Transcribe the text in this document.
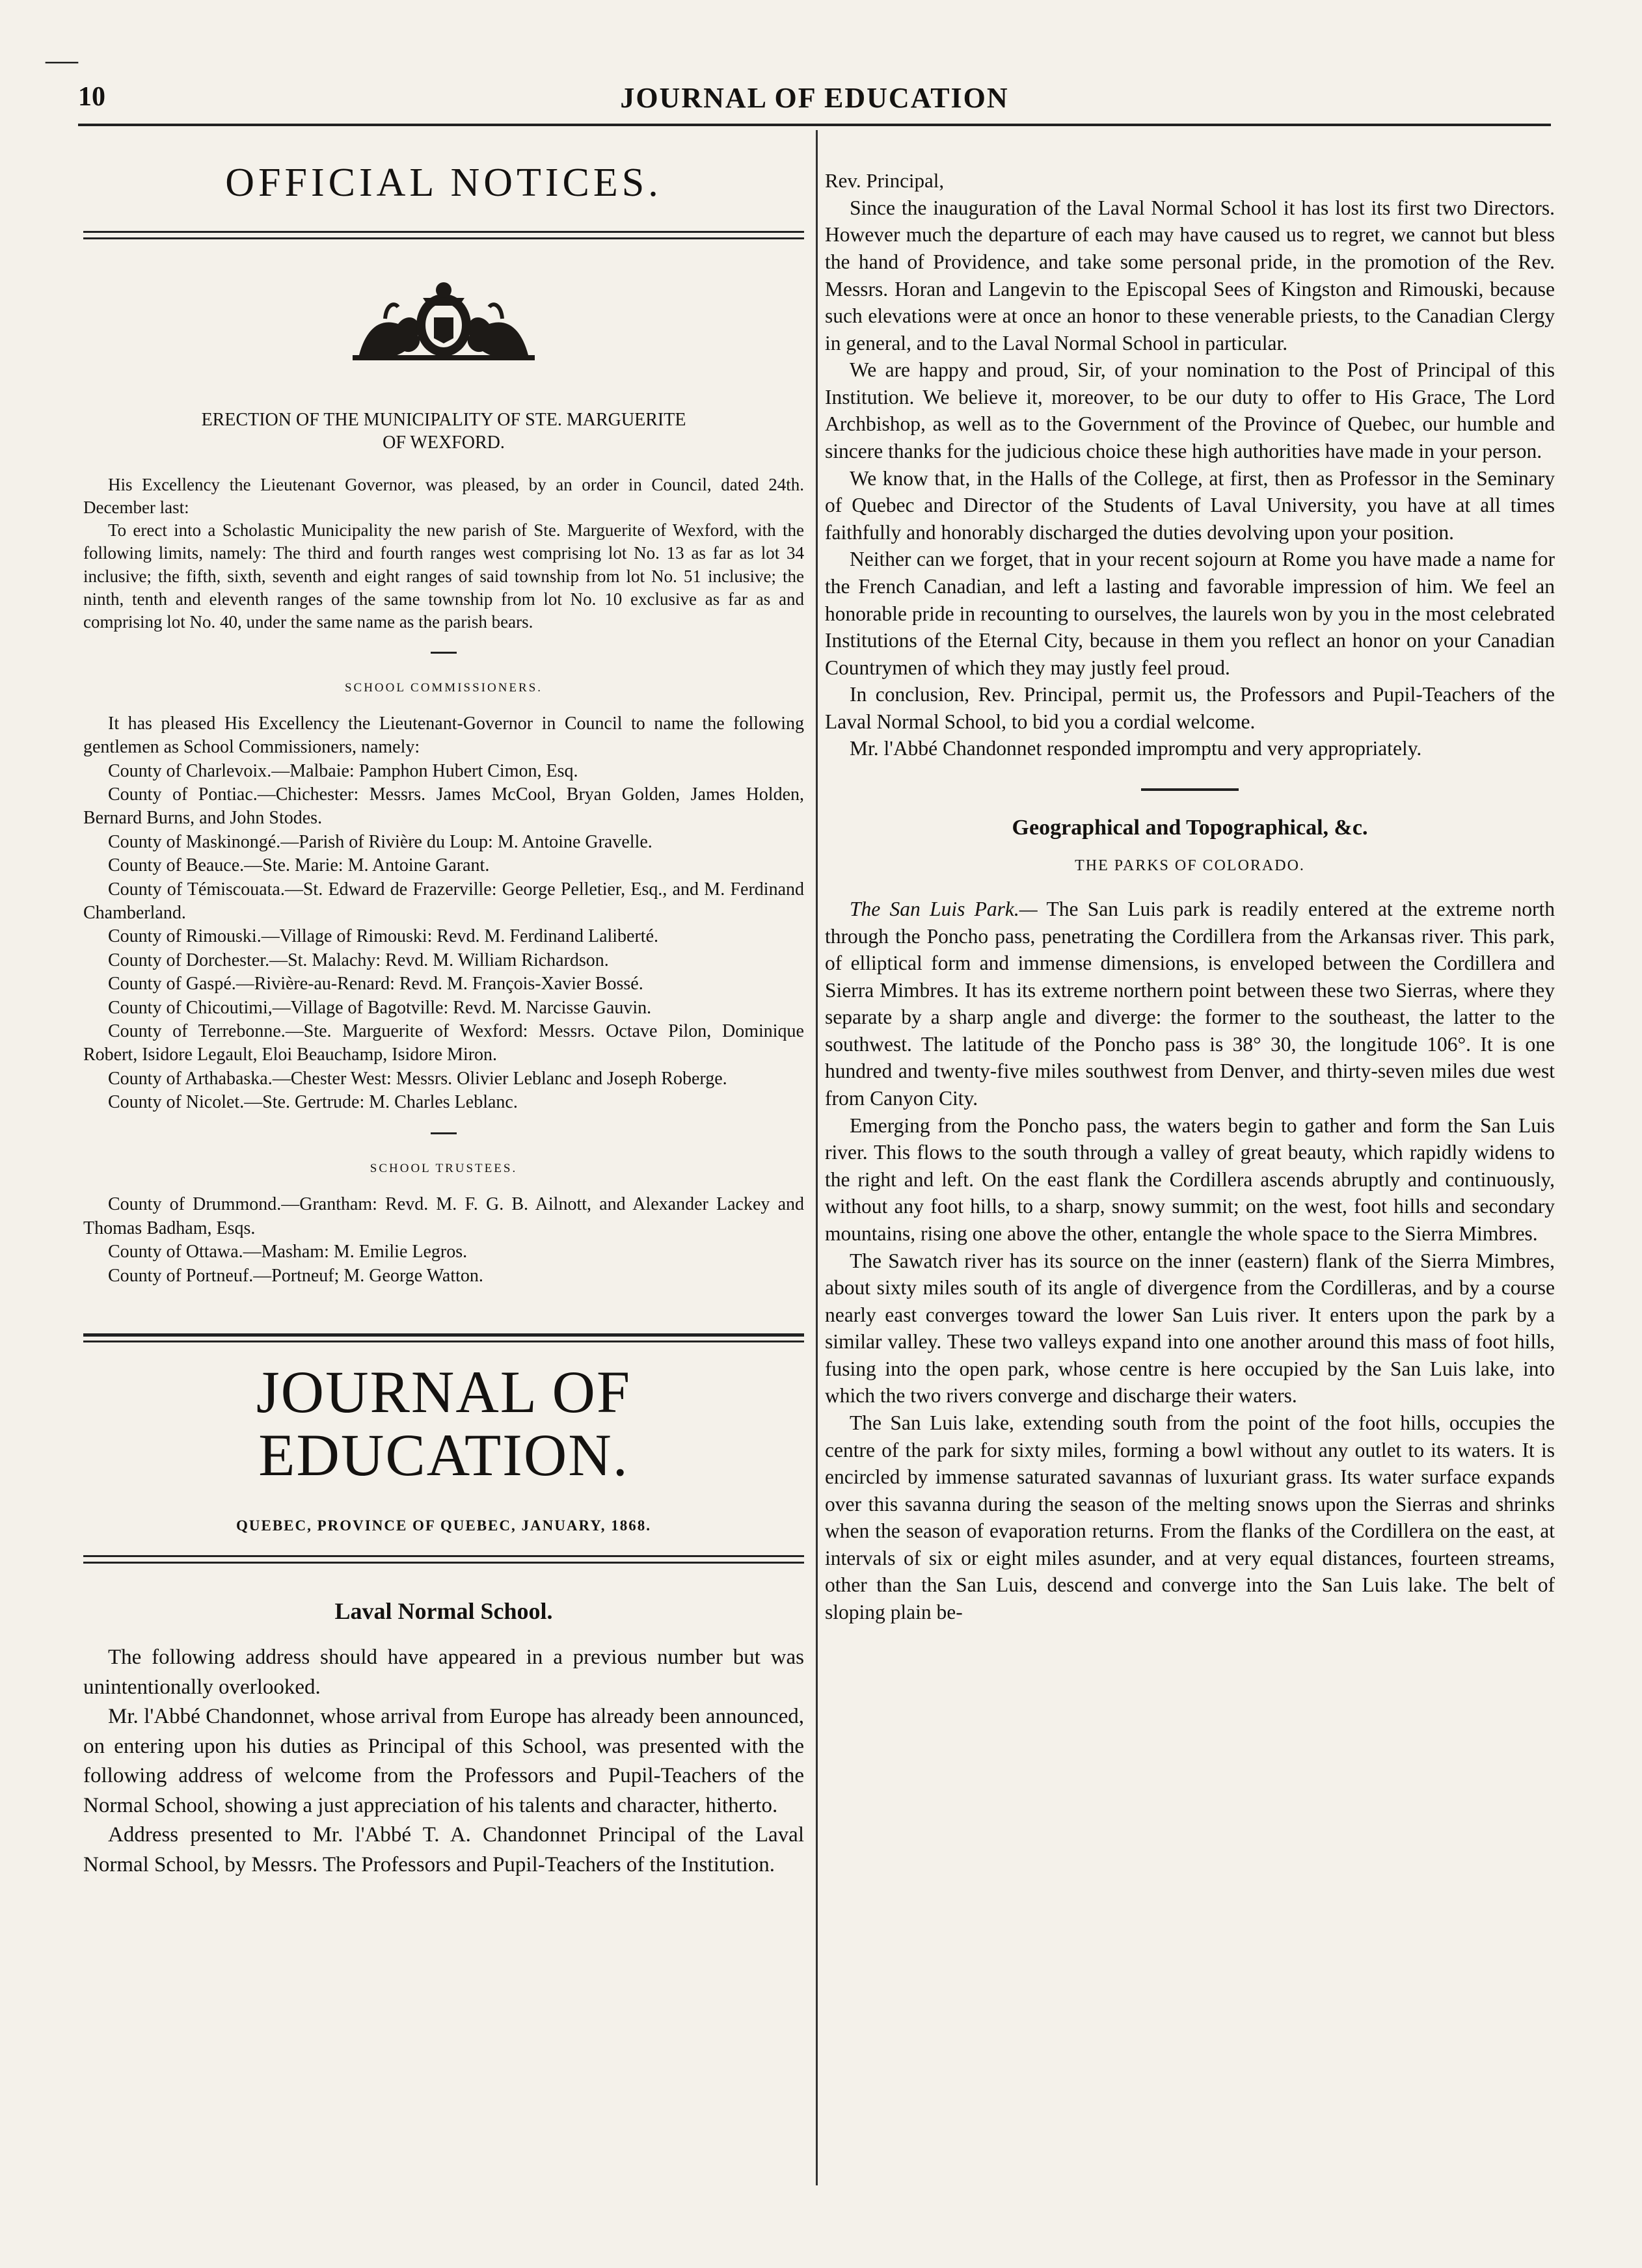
—
10	JOURNAL OF EDUCATION
OFFICIAL NOTICES.
ERECTION OF THE MUNICIPALITY OF STE. MARGUERITE
OF WEXFORD.

His Excellency the Lieutenant Governor, was pleased, by an order in Council, dated 24th. December last:

To erect into a Scholastic Municipality the new parish of Ste. Marguerite of Wexford, with the following limits, namely: The third and fourth ranges west comprising lot No. 13 as far as lot 34 inclusive; the fifth, sixth, seventh and eight ranges of said township from lot No. 51 inclusive; the ninth, tenth and eleventh ranges of the same township from lot No. 10 exclusive as far as and comprising lot No. 40, under the same name as the parish bears.

SCHOOL COMMISSIONERS.

It has pleased His Excellency the Lieutenant-Governor in Council to name the following gentlemen as School Commissioners, namely:

County of Charlevoix.—Malbaie: Pamphon Hubert Cimon, Esq.

County of Pontiac.—Chichester: Messrs. James McCool, Bryan Golden, James Holden, Bernard Burns, and John Stodes.

County of Maskinongé.—Parish of Rivière du Loup: M. Antoine Gravelle.

County of Beauce.—Ste. Marie: M. Antoine Garant.

County of Témiscouata.—St. Edward de Frazerville: George Pelletier, Esq., and M. Ferdinand Chamberland.

County of Rimouski.—Village of Rimouski: Revd. M. Ferdinand Laliberté.

County of Dorchester.—St. Malachy: Revd. M. William Richardson.

County of Gaspé.—Rivière-au-Renard: Revd. M. François-Xavier Bossé.

County of Chicoutimi,—Village of Bagotville: Revd. M. Narcisse Gauvin.

County of Terrebonne.—Ste. Marguerite of Wexford: Messrs. Octave Pilon, Dominique Robert, Isidore Legault, Eloi Beauchamp, Isidore Miron.

County of Arthabaska.—Chester West: Messrs. Olivier Leblanc and Joseph Roberge.

County of Nicolet.—Ste. Gertrude: M. Charles Leblanc.

SCHOOL TRUSTEES.

County of Drummond.—Grantham: Revd. M. F. G. B. Ailnott, and Alexander Lackey and Thomas Badham, Esqs.

County of Ottawa.—Masham: M. Emilie Legros.

County of Portneuf.—Portneuf; M. George Watton.

JOURNAL OF EDUCATION.
QUEBEC, PROVINCE OF QUEBEC, JANUARY, 1868.
Laval Normal School.

The following address should have appeared in a previous number but was unintentionally overlooked.

Mr. l'Abbé Chandonnet, whose arrival from Europe has already been announced, on entering upon his duties as Principal of this School, was presented with the following address of welcome from the Professors and Pupil-Teachers of the Normal School, showing a just appreciation of his talents and character, hitherto.

Address presented to Mr. l'Abbé T. A. Chandonnet Principal of the Laval Normal School, by Messrs. The Professors and Pupil-Teachers of the Institution.

Rev. Principal,

Since the inauguration of the Laval Normal School it has lost its first two Directors. However much the departure of each may have caused us to regret, we cannot but bless the hand of Providence, and take some personal pride, in the promotion of the Rev. Messrs. Horan and Langevin to the Episcopal Sees of Kingston and Rimouski, because such elevations were at once an honor to these venerable priests, to the Canadian Clergy in general, and to the Laval Normal School in particular.

We are happy and proud, Sir, of your nomination to the Post of Principal of this Institution. We believe it, moreover, to be our duty to offer to His Grace, The Lord Archbishop, as well as to the Government of the Province of Quebec, our humble and sincere thanks for the judicious choice these high authorities have made in your person.

We know that, in the Halls of the College, at first, then as Professor in the Seminary of Quebec and Director of the Students of Laval University, you have at all times faithfully and honorably discharged the duties devolving upon your position.

Neither can we forget, that in your recent sojourn at Rome you have made a name for the French Canadian, and left a lasting and favorable impression of him. We feel an honorable pride in recounting to ourselves, the laurels won by you in the most celebrated Institutions of the Eternal City, because in them you reflect an honor on your Canadian Countrymen of which they may justly feel proud.

In conclusion, Rev. Principal, permit us, the Professors and Pupil-Teachers of the Laval Normal School, to bid you a cordial welcome.

Mr. l'Abbé Chandonnet responded impromptu and very appropriately.

Geographical and Topographical, &c.
THE PARKS OF COLORADO.

The San Luis Park.— The San Luis park is readily entered at the extreme north through the Poncho pass, penetrating the Cordillera from the Arkansas river. This park, of elliptical form and immense dimensions, is enveloped between the Cordillera and Sierra Mimbres. It has its extreme northern point between these two Sierras, where they separate by a sharp angle and diverge: the former to the southeast, the latter to the southwest. The latitude of the Poncho pass is 38° 30, the longitude 106°. It is one hundred and twenty-five miles southwest from Denver, and thirty-seven miles due west from Canyon City.

Emerging from the Poncho pass, the waters begin to gather and form the San Luis river. This flows to the south through a valley of great beauty, which rapidly widens to the right and left. On the east flank the Cordillera ascends abruptly and continuously, without any foot hills, to a sharp, snowy summit; on the west, foot hills and secondary mountains, rising one above the other, entangle the whole space to the Sierra Mimbres.

The Sawatch river has its source on the inner (eastern) flank of the Sierra Mimbres, about sixty miles south of its angle of divergence from the Cordilleras, and by a course nearly east converges toward the lower San Luis river. It enters upon the park by a similar valley. These two valleys expand into one another around this mass of foot hills, fusing into the open park, whose centre is here occupied by the San Luis lake, into which the two rivers converge and discharge their waters.

The San Luis lake, extending south from the point of the foot hills, occupies the centre of the park for sixty miles, forming a bowl without any outlet to its waters. It is encircled by immense saturated savannas of luxuriant grass. Its water surface expands over this savanna during the season of the melting snows upon the Sierras and shrinks when the season of evaporation returns. From the flanks of the Cordillera on the east, at intervals of six or eight miles asunder, and at very equal distances, fourteen streams, other than the San Luis, descend and converge into the San Luis lake. The belt of sloping plain be-
